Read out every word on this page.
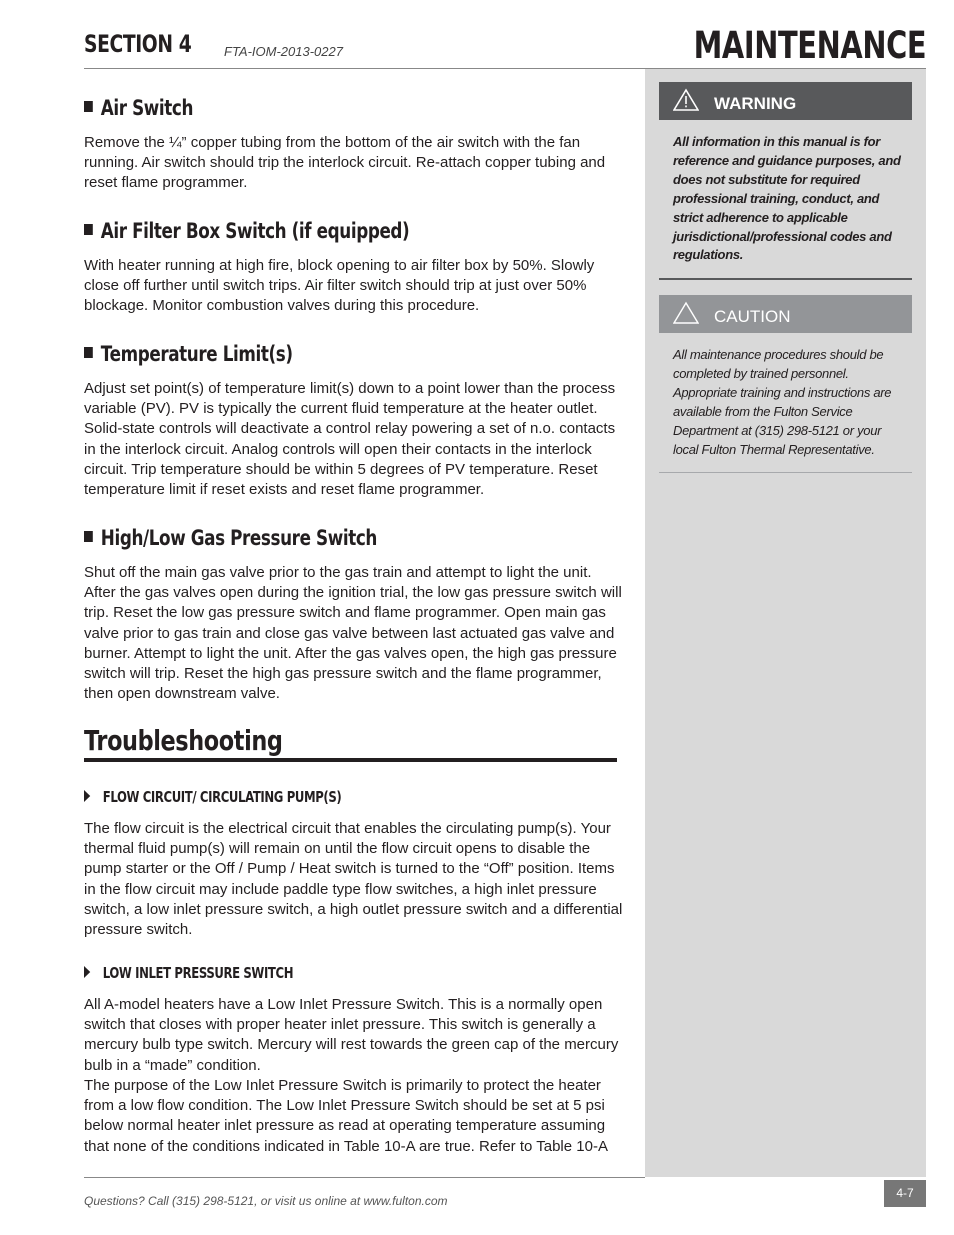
SECTION 4	FTA-IOM-2013-0227	MAINTENANCE
Air Switch
Remove the ¼” copper tubing from the bottom of the air switch with the fan running. Air switch should trip the interlock circuit. Re-attach copper tubing and reset flame programmer.
Air Filter Box Switch (if equipped)
With heater running at high fire, block opening to air filter box by 50%. Slowly close off further until switch trips. Air filter switch should trip at just over 50% blockage. Monitor combustion valves during this procedure.
Temperature Limit(s)
Adjust set point(s) of temperature limit(s) down to a point lower than the process variable (PV). PV is typically the current fluid temperature at the heater outlet. Solid-state controls will deactivate a control relay powering a set of n.o. contacts in the interlock circuit. Analog controls will open their contacts in the interlock circuit. Trip temperature should be within 5 degrees of PV temperature. Reset temperature limit if reset exists and reset flame programmer.
High/Low Gas Pressure Switch
Shut off the main gas valve prior to the gas train and attempt to light the unit. After the gas valves open during the ignition trial, the low gas pressure switch will trip. Reset the low gas pressure switch and flame programmer. Open main gas valve prior to gas train and close gas valve between last actuated gas valve and burner. Attempt to light the unit. After the gas valves open, the high gas pressure switch will trip. Reset the high gas pressure switch and the flame programmer, then open downstream valve.
Troubleshooting
FLOW CIRCUIT/ CIRCULATING PUMP(S)
The flow circuit is the electrical circuit that enables the circulating pump(s). Your thermal fluid pump(s) will remain on until the flow circuit opens to disable the pump starter or the Off / Pump / Heat switch is turned to the “Off” position. Items in the flow circuit may include paddle type flow switches, a high inlet pressure switch, a low inlet pressure switch, a high outlet pressure switch and a differential pressure switch.
LOW INLET PRESSURE SWITCH
All A-model heaters have a Low Inlet Pressure Switch. This is a normally open switch that closes with proper heater inlet pressure. This switch is generally a mercury bulb type switch. Mercury will rest towards the green cap of the mercury bulb in a “made” condition.
The purpose of the Low Inlet Pressure Switch is primarily to protect the heater from a low flow condition. The Low Inlet Pressure Switch should be set at 5 psi below normal heater inlet pressure as read at operating temperature assuming that none of the conditions indicated in Table 10-A are true. Refer to Table 10-A
WARNING
All information in this manual is for reference and guidance purposes, and does not substitute for required professional training, conduct, and strict adherence to applicable jurisdictional/professional codes and regulations.
CAUTION
All maintenance procedures should be completed by trained personnel. Appropriate training and instructions are available from the Fulton Service Department at (315) 298-5121 or your local Fulton Thermal Representative.
Questions? Call (315) 298-5121, or visit us online at www.fulton.com
4-7
